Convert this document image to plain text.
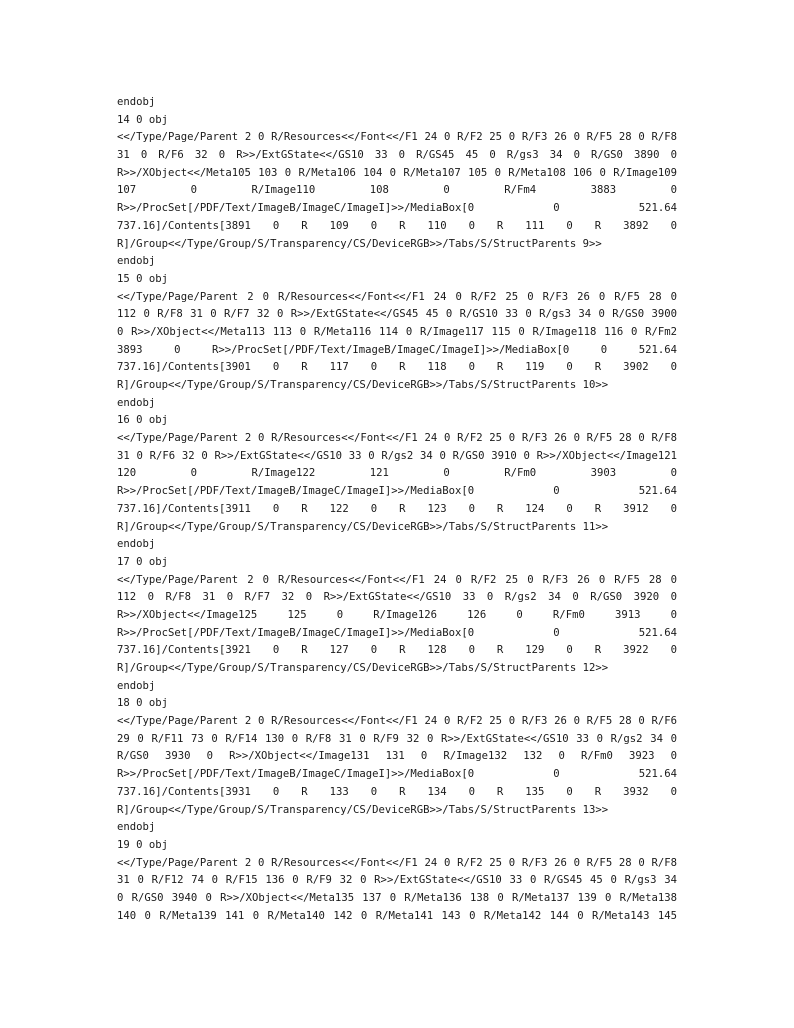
endobj
14 0 obj
<</Type/Page/Parent 2 0 R/Resources<</Font<</F1 24 0 R/F2 25 0 R/F3 26 0 R/F5 28 0 R/F8
31 0 R/F6 32 0 R>>/ExtGState<</GS10 33 0 R/GS45 45 0 R/gs3 34 0 R/GS0 3890 0
R>>/XObject<</Meta105 103 0 R/Meta106 104 0 R/Meta107 105 0 R/Meta108 106 0 R/Image109
107 0 R/Image110 108 0 R/Fm4 3883 0
R>>/ProcSet[/PDF/Text/ImageB/ImageC/ImageI]>>/MediaBox[0 0 521.64
737.16]/Contents[3891 0 R 109 0 R 110 0 R 111 0 R 3892 0
R]/Group<</Type/Group/S/Transparency/CS/DeviceRGB>>/Tabs/S/StructParents 9>>
endobj
15 0 obj
<</Type/Page/Parent 2 0 R/Resources<</Font<</F1 24 0 R/F2 25 0 R/F3 26 0 R/F5 28 0
112 0 R/F8 31 0 R/F7 32 0 R>>/ExtGState<</GS45 45 0 R/GS10 33 0 R/gs3 34 0 R/GS0 3900
0 R>>/XObject<</Meta113 113 0 R/Meta116 114 0 R/Image117 115 0 R/Image118 116 0 R/Fm2
3893 0 R>>/ProcSet[/PDF/Text/ImageB/ImageC/ImageI]>>/MediaBox[0 0 521.64
737.16]/Contents[3901 0 R 117 0 R 118 0 R 119 0 R 3902 0
R]/Group<</Type/Group/S/Transparency/CS/DeviceRGB>>/Tabs/S/StructParents 10>>
endobj
16 0 obj
<</Type/Page/Parent 2 0 R/Resources<</Font<</F1 24 0 R/F2 25 0 R/F3 26 0 R/F5 28 0 R/F8
31 0 R/F6 32 0 R>>/ExtGState<</GS10 33 0 R/gs2 34 0 R/GS0 3910 0 R>>/XObject<</Image121
120 0 R/Image122 121 0 R/Fm0 3903 0
R>>/ProcSet[/PDF/Text/ImageB/ImageC/ImageI]>>/MediaBox[0 0 521.64
737.16]/Contents[3911 0 R 122 0 R 123 0 R 124 0 R 3912 0
R]/Group<</Type/Group/S/Transparency/CS/DeviceRGB>>/Tabs/S/StructParents 11>>
endobj
17 0 obj
<</Type/Page/Parent 2 0 R/Resources<</Font<</F1 24 0 R/F2 25 0 R/F3 26 0 R/F5 28 0
112 0 R/F8 31 0 R/F7 32 0 R>>/ExtGState<</GS10 33 0 R/gs2 34 0 R/GS0 3920 0
R>>/XObject<</Image125 125 0 R/Image126 126 0 R/Fm0 3913 0
R>>/ProcSet[/PDF/Text/ImageB/ImageC/ImageI]>>/MediaBox[0 0 521.64
737.16]/Contents[3921 0 R 127 0 R 128 0 R 129 0 R 3922 0
R]/Group<</Type/Group/S/Transparency/CS/DeviceRGB>>/Tabs/S/StructParents 12>>
endobj
18 0 obj
<</Type/Page/Parent 2 0 R/Resources<</Font<</F1 24 0 R/F2 25 0 R/F3 26 0 R/F5 28 0 R/F6
29 0 R/F11 73 0 R/F14 130 0 R/F8 31 0 R/F9 32 0 R>>/ExtGState<</GS10 33 0 R/gs2 34 0
R/GS0 3930 0 R>>/XObject<</Image131 131 0 R/Image132 132 0 R/Fm0 3923 0
R>>/ProcSet[/PDF/Text/ImageB/ImageC/ImageI]>>/MediaBox[0 0 521.64
737.16]/Contents[3931 0 R 133 0 R 134 0 R 135 0 R 3932 0
R]/Group<</Type/Group/S/Transparency/CS/DeviceRGB>>/Tabs/S/StructParents 13>>
endobj
19 0 obj
<</Type/Page/Parent 2 0 R/Resources<</Font<</F1 24 0 R/F2 25 0 R/F3 26 0 R/F5 28 0 R/F8
31 0 R/F12 74 0 R/F15 136 0 R/F9 32 0 R>>/ExtGState<</GS10 33 0 R/GS45 45 0 R/gs3 34
0 R/GS0 3940 0 R>>/XObject<</Meta135 137 0 R/Meta136 138 0 R/Meta137 139 0 R/Meta138
140 0 R/Meta139 141 0 R/Meta140 142 0 R/Meta141 143 0 R/Meta142 144 0 R/Meta143 145
